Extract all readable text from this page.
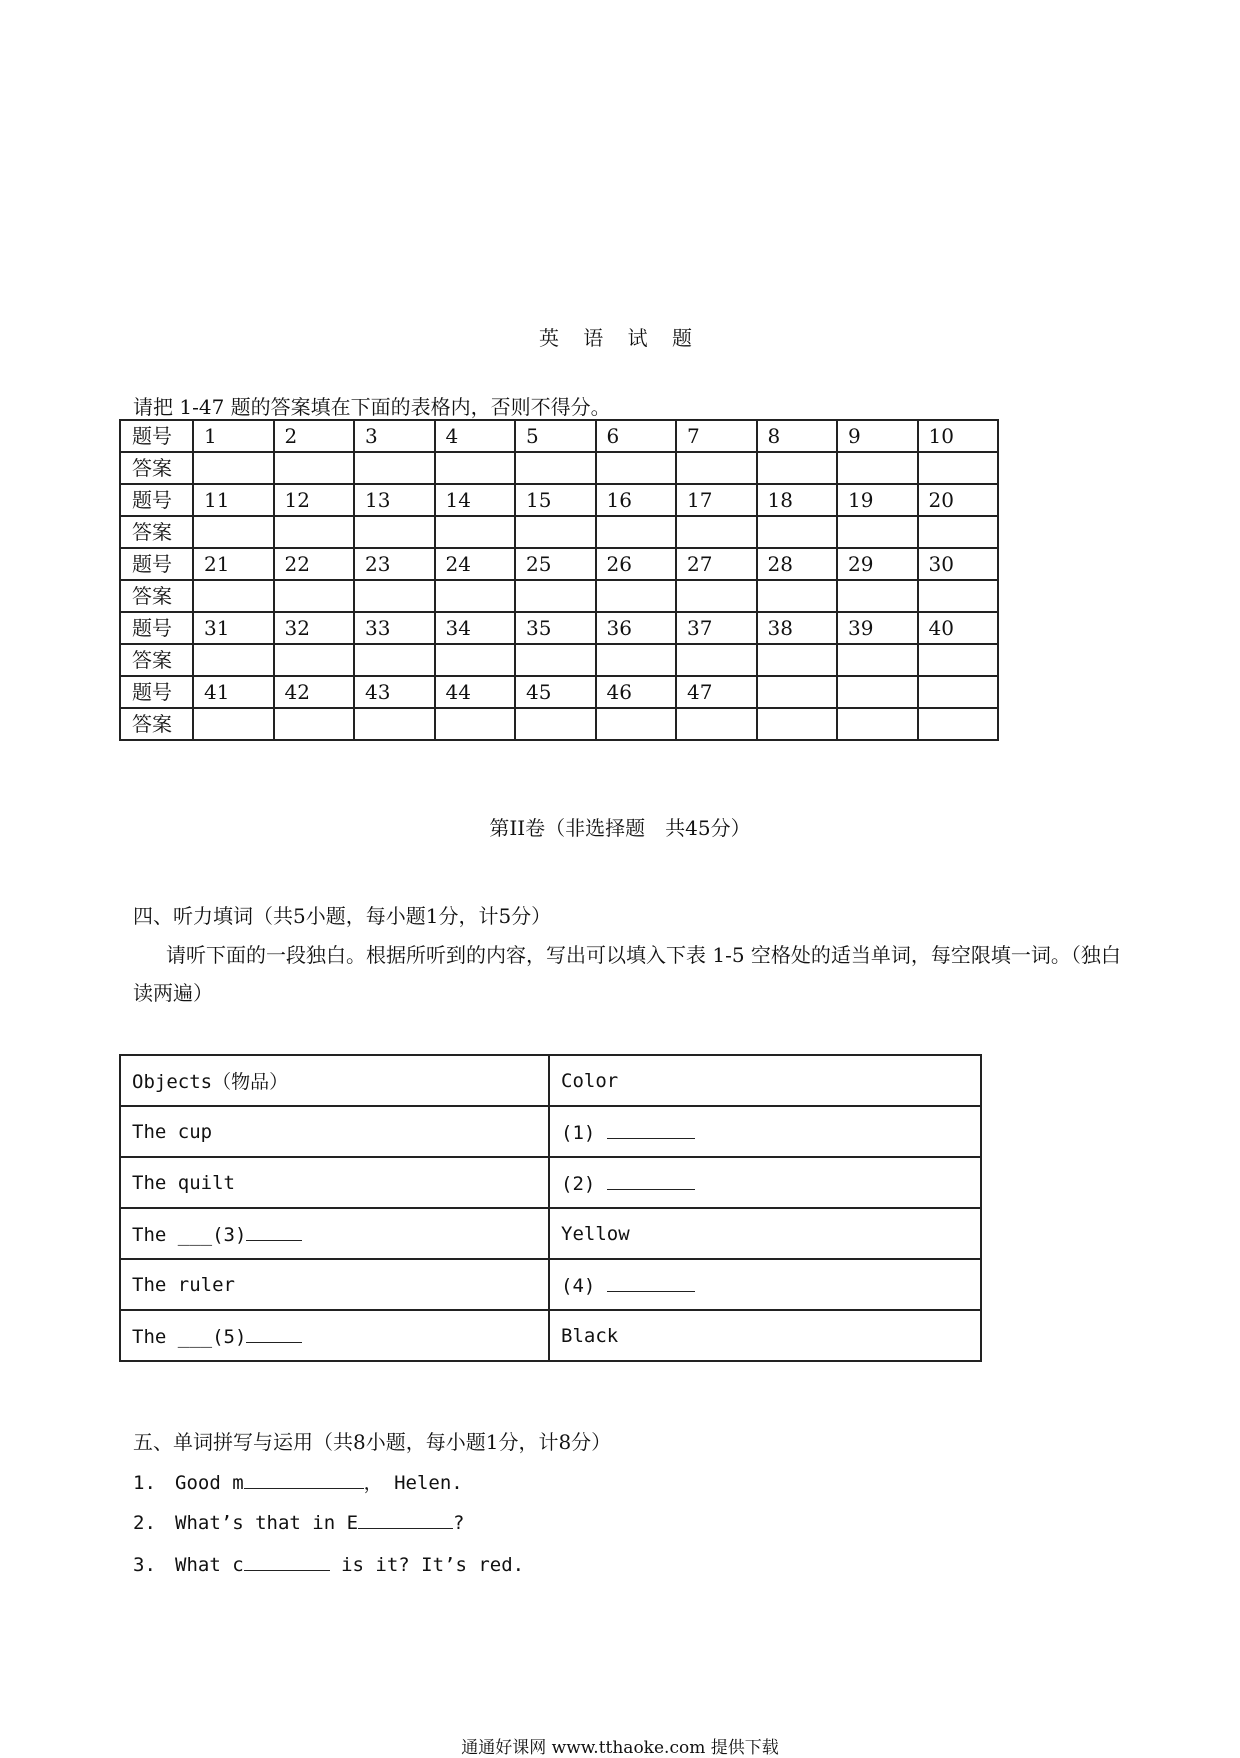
英 语 试 题
请把 1-47 题的答案填在下面的表格内，否则不得分。
题号	1	2	3	4	5	6	7	8	9	10
答案										
题号	11	12	13	14	15	16	17	18	19	20
答案										
题号	21	22	23	24	25	26	27	28	29	30
答案										
题号	31	32	33	34	35	36	37	38	39	40
答案										
题号	41	42	43	44	45	46	47			
答案										
第II卷（非选择题　共45分）
四、听力填词（共5小题，每小题1分，计5分）
请听下面的一段独白。根据所听到的内容，写出可以填入下表 1-5 空格处的适当单词，每空限填一词。（独白读两遍）
Objects（物品）	Color
The cup	(1)
The quilt	(2)
The ___(3)	Yellow
The ruler	(4)
The ___(5)	Black
五、单词拼写与运用（共8小题，每小题1分，计8分）
1. Good m	， Helen.
2. What’s that in E	?
3. What c	is it? It’s red.
通通好课网 www.tthaoke.com 提供下载
